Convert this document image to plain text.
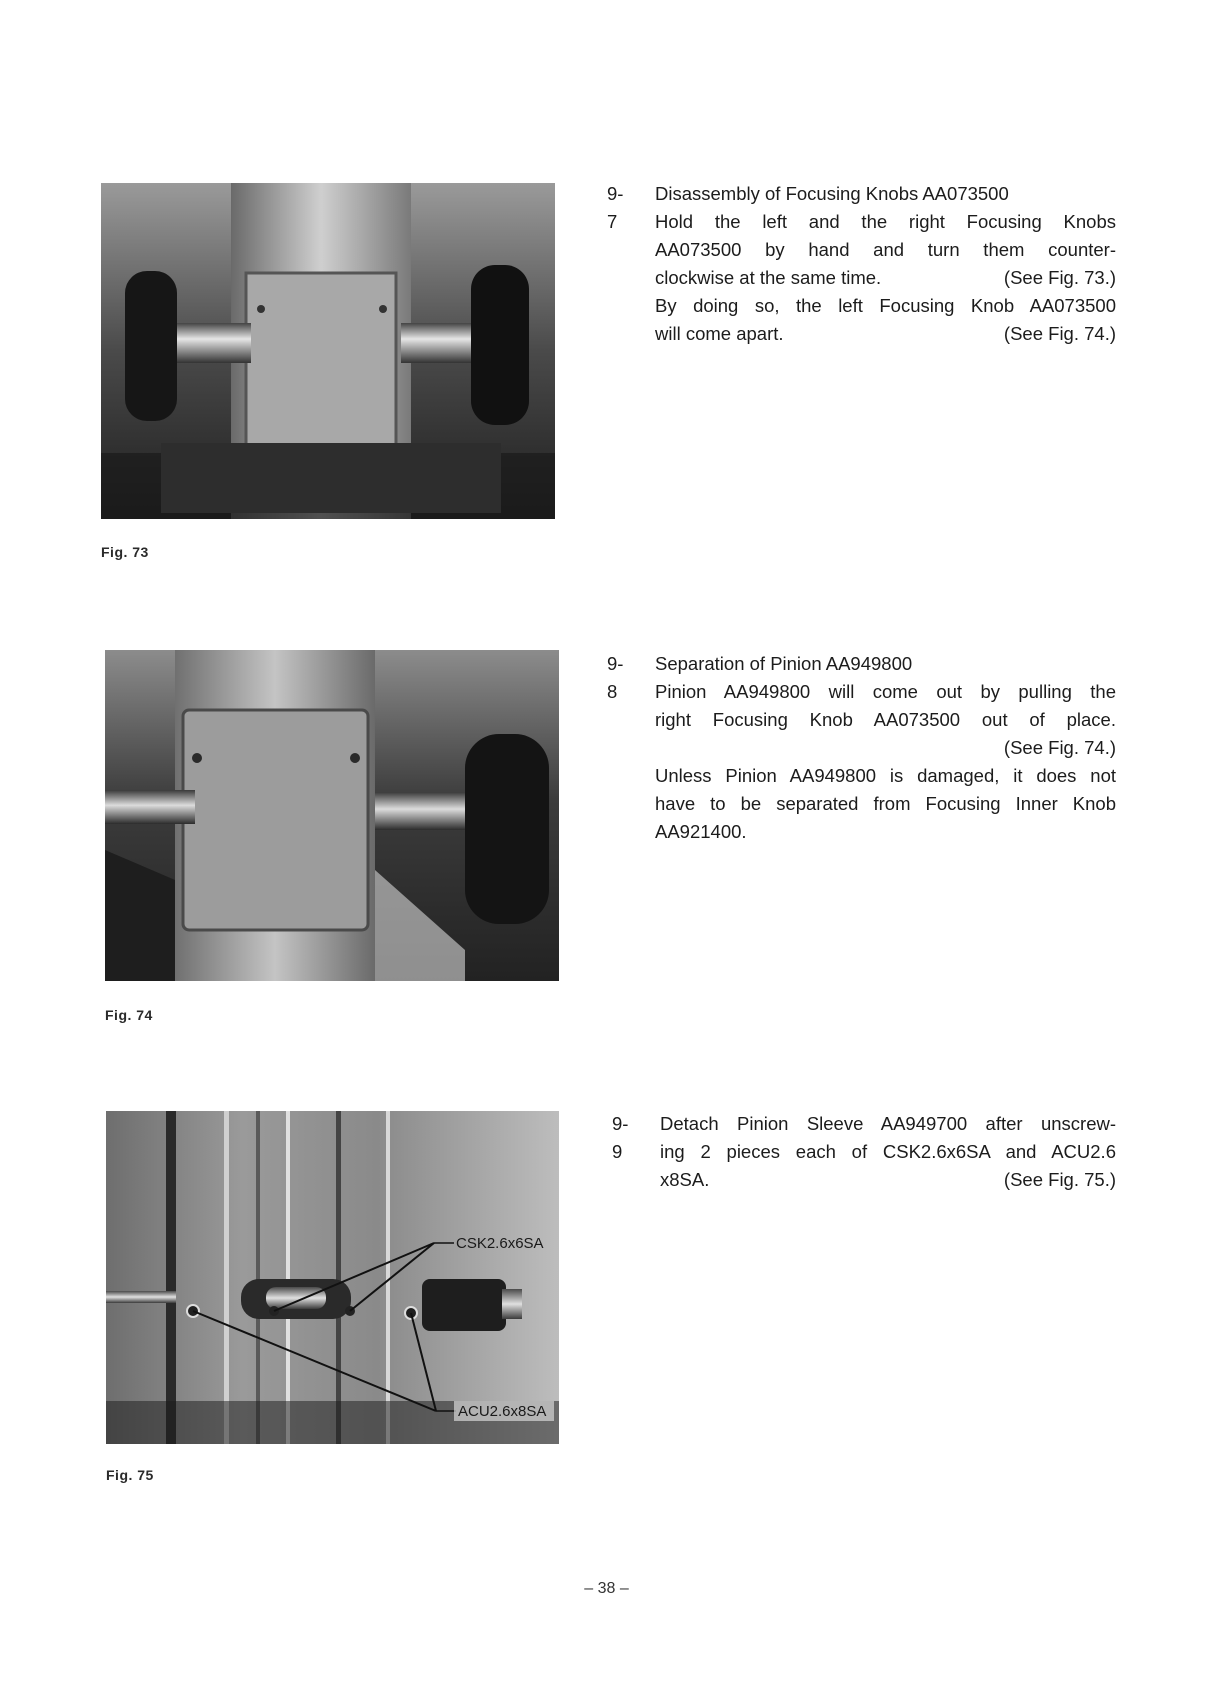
Fig. 73
Fig. 74
CSK2.6x6SA
ACU2.6x8SA
Fig. 75
9-7
Disassembly of Focusing Knobs AA073500
Hold the left and the right Focusing Knobs
AA073500 by hand and turn them counter-
clockwise at the same time.	(See Fig. 73.)
By doing so, the left Focusing Knob AA073500
will come apart.	(See Fig. 74.)
9-8
Separation of Pinion AA949800
Pinion AA949800 will come out by pulling the
right Focusing Knob AA073500 out of place.
(See Fig. 74.)
Unless Pinion AA949800 is damaged, it does not
have to be separated from Focusing Inner Knob
AA921400.
9-9
Detach Pinion Sleeve AA949700 after unscrew-
ing 2 pieces each of CSK2.6x6SA and ACU2.6
x8SA.	(See Fig. 75.)
– 38 –
